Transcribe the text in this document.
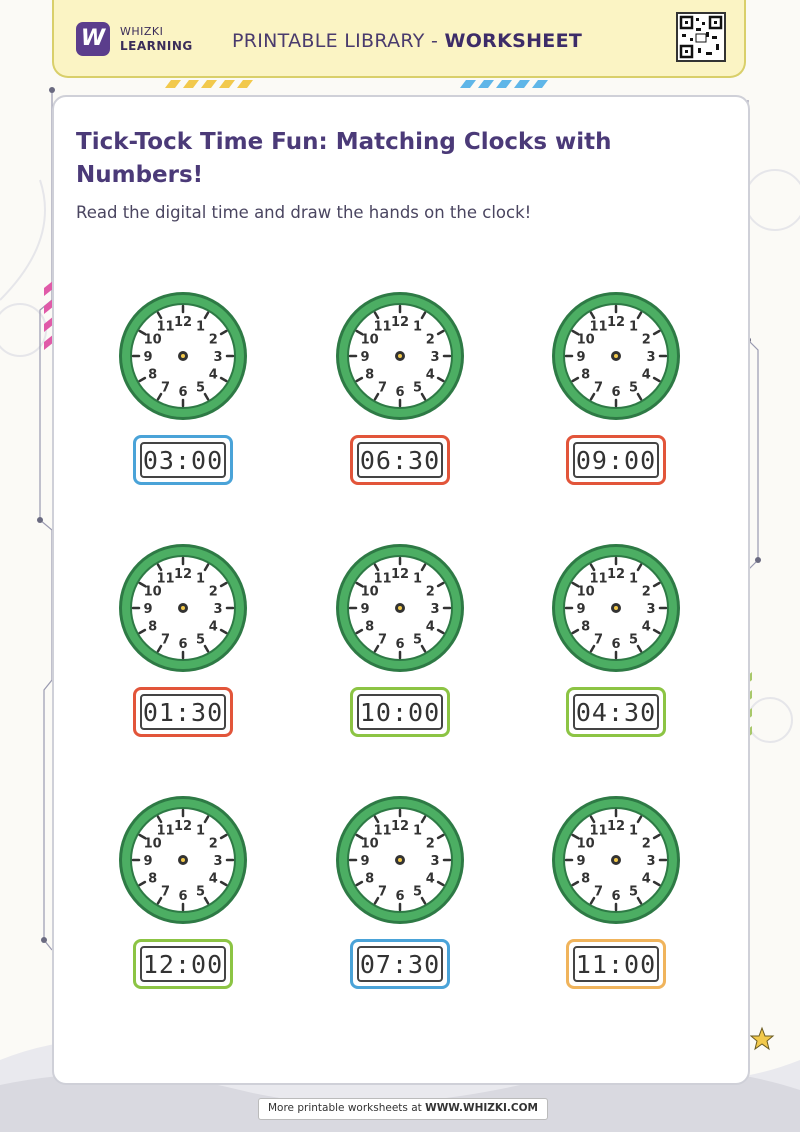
W	WHIZKI
LEARNING PRINTABLE LIBRARY - WORKSHEET
Tick-Tock Time Fun: Matching Clocks with Numbers!
Read the digital time and draw the hands on the clock!
12 1
2
3
4
5
6
7
8
9
10
11
03:00
12 1
2
3
4
5
6
7
8
9
10
11
06:30
12 1
2
3
4
5
6
7
8
9
10
11
09:00
12 1
2
3
4
5
6
7
8
9
10
11
01:30
12 1
2
3
4
5
6
7
8
9
10
11
10:00
12 1
2
3
4
5
6
7
8
9
10
11
04:30
12 1
2
3
4
5
6
7
8
9
10
11
12:00
12 1
2
3
4
5
6
7
8
9
10
11
07:30
12 1
2
3
4
5
6
7
8
9
10
11
11:00
More printable worksheets at WWW.WHIZKI.COM
